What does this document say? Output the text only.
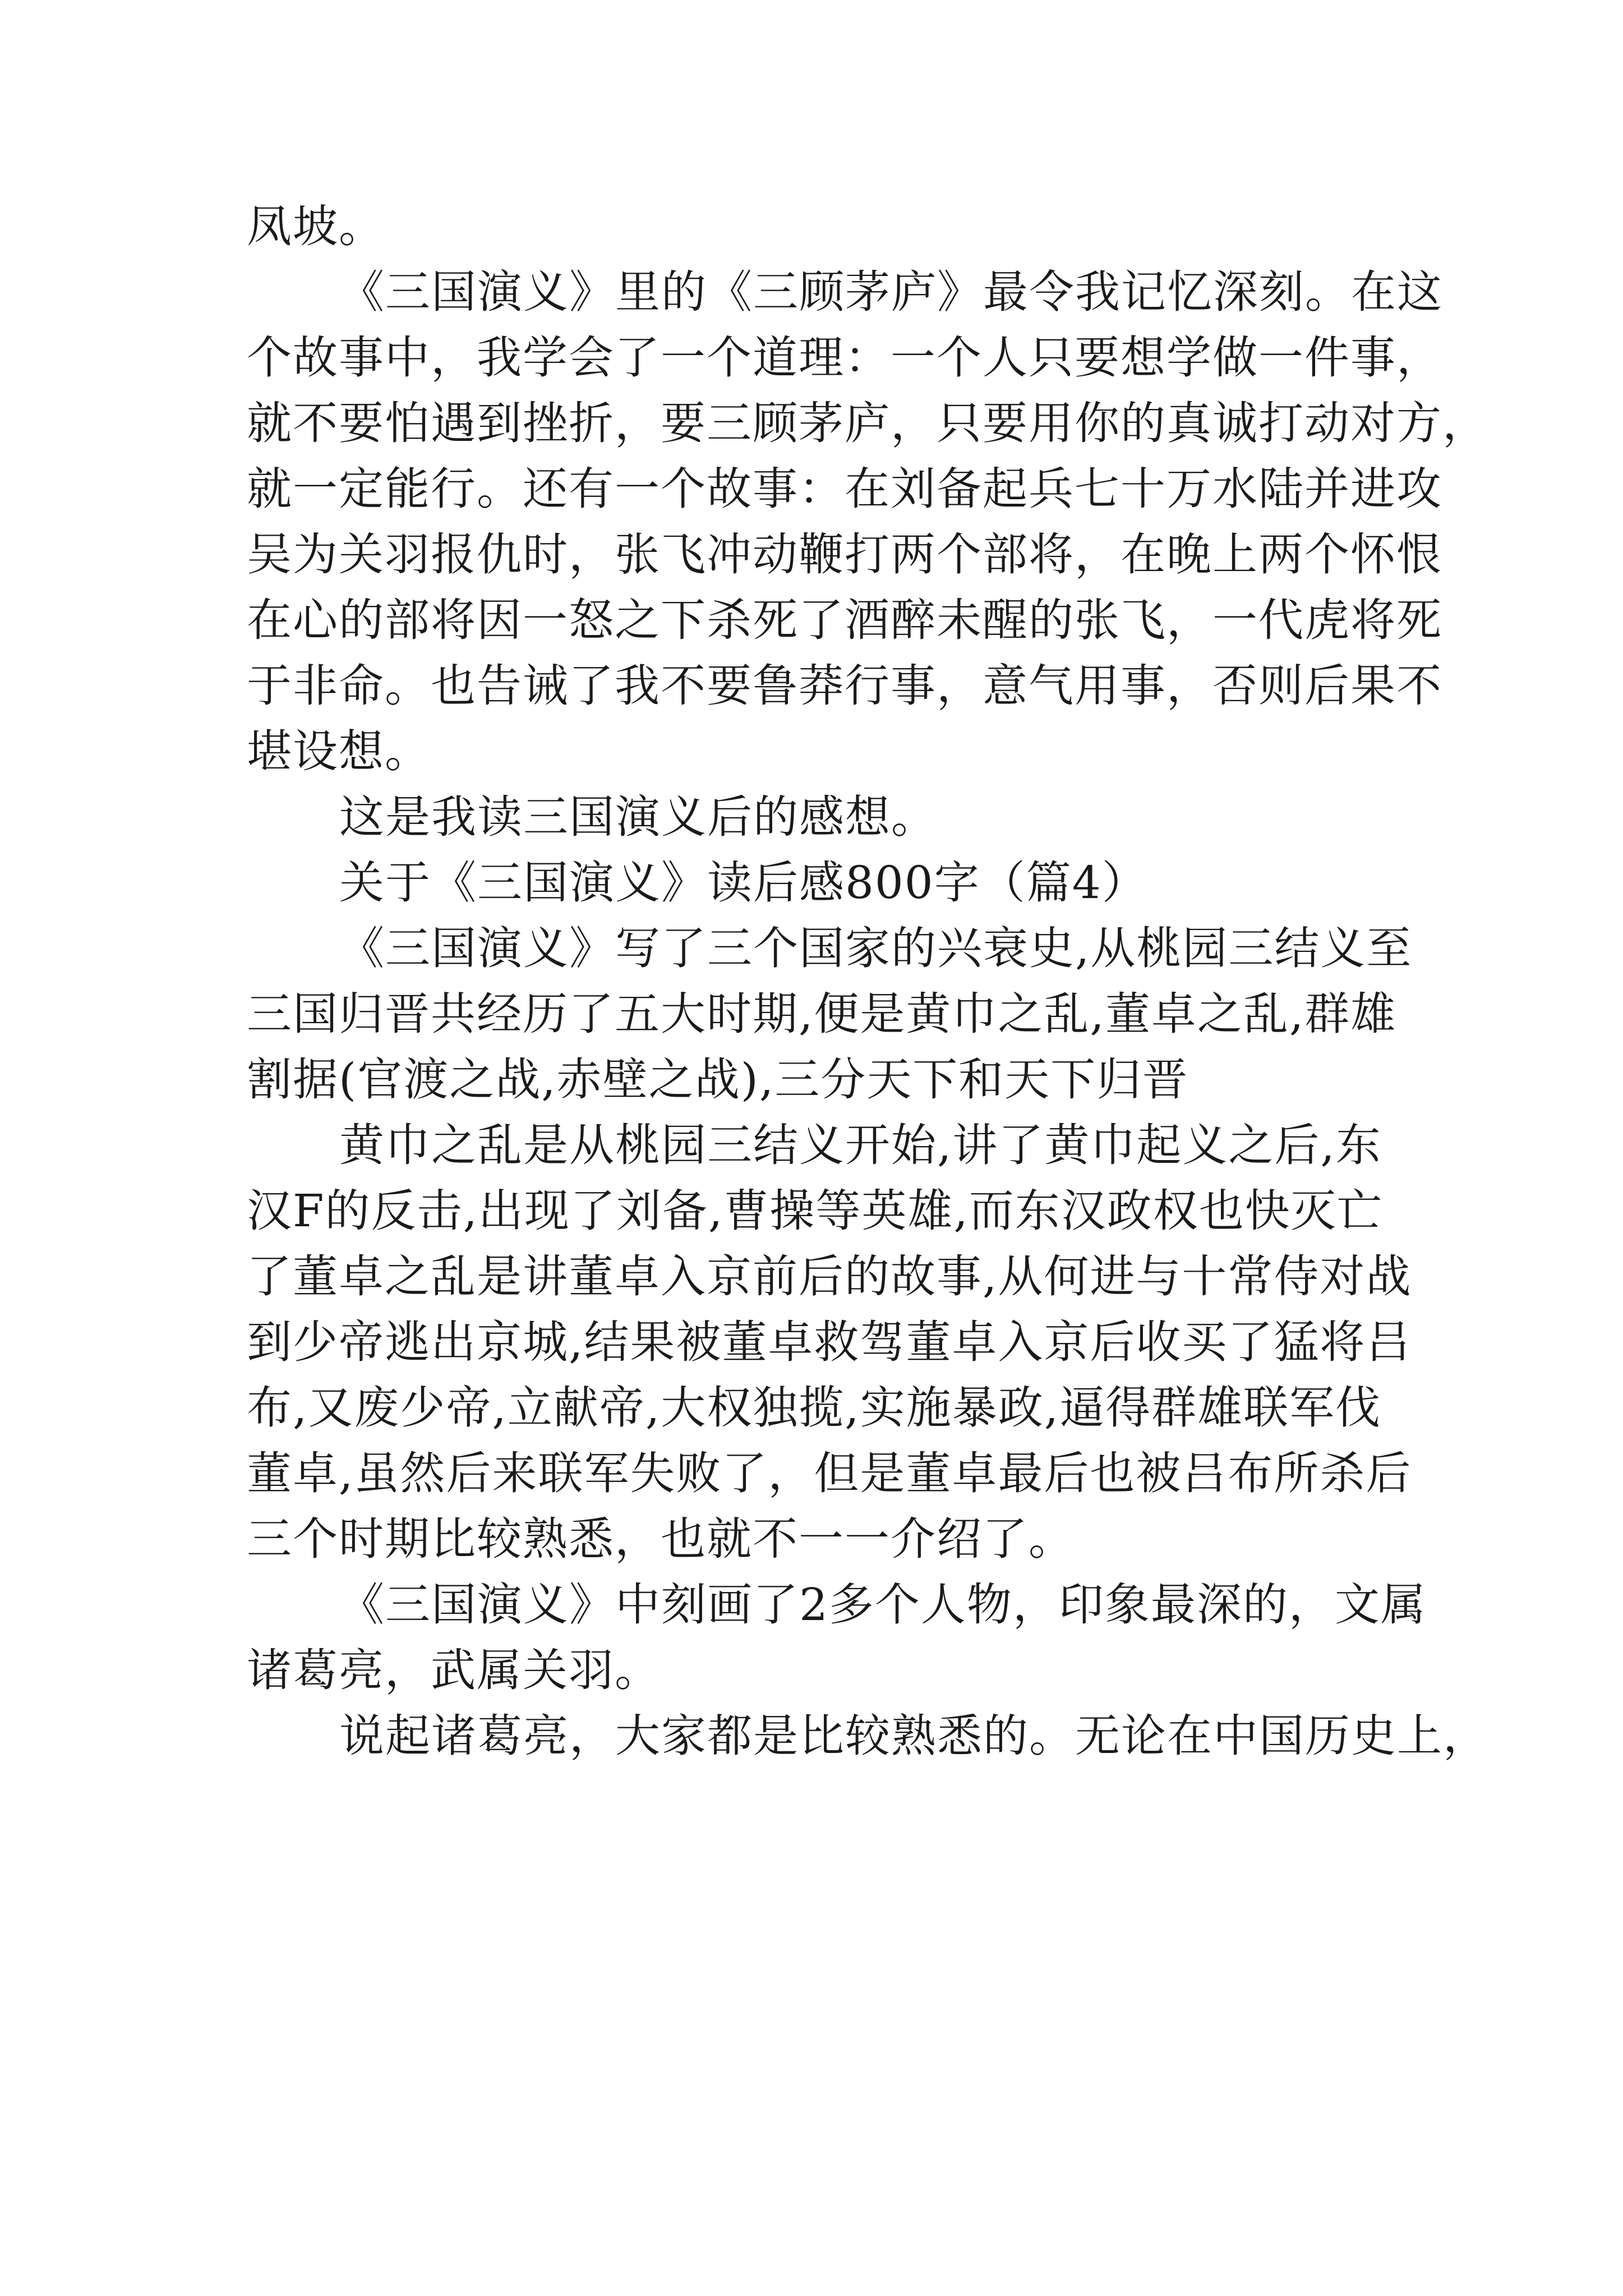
凤坡。
《三国演义》里的《三顾茅庐》最令我记忆深刻。在这
个故事中，我学会了一个道理：一个人只要想学做一件事，
就不要怕遇到挫折，要三顾茅庐，只要用你的真诚打动对方，
就一定能行。还有一个故事：在刘备起兵七十万水陆并进攻
吴为关羽报仇时，张飞冲动鞭打两个部将，在晚上两个怀恨
在心的部将因一怒之下杀死了酒醉未醒的张飞，一代虎将死
于非命。也告诫了我不要鲁莽行事，意气用事，否则后果不
堪设想。
这是我读三国演义后的感想。
关于《三国演义》读后感800字（篇4）
《三国演义》写了三个国家的兴衰史,从桃园三结义至
三国归晋共经历了五大时期,便是黄巾之乱,董卓之乱,群雄
割据(官渡之战,赤壁之战),三分天下和天下归晋
黄巾之乱是从桃园三结义开始,讲了黄巾起义之后,东
汉F的反击,出现了刘备,曹操等英雄,而东汉政权也快灭亡
了董卓之乱是讲董卓入京前后的故事,从何进与十常侍对战
到少帝逃出京城,结果被董卓救驾董卓入京后收买了猛将吕
布,又废少帝,立献帝,大权独揽,实施暴政,逼得群雄联军伐
董卓,虽然后来联军失败了，但是董卓最后也被吕布所杀后
三个时期比较熟悉，也就不一一介绍了。
《三国演义》中刻画了2多个人物，印象最深的，文属
诸葛亮，武属关羽。
说起诸葛亮，大家都是比较熟悉的。无论在中国历史上，
